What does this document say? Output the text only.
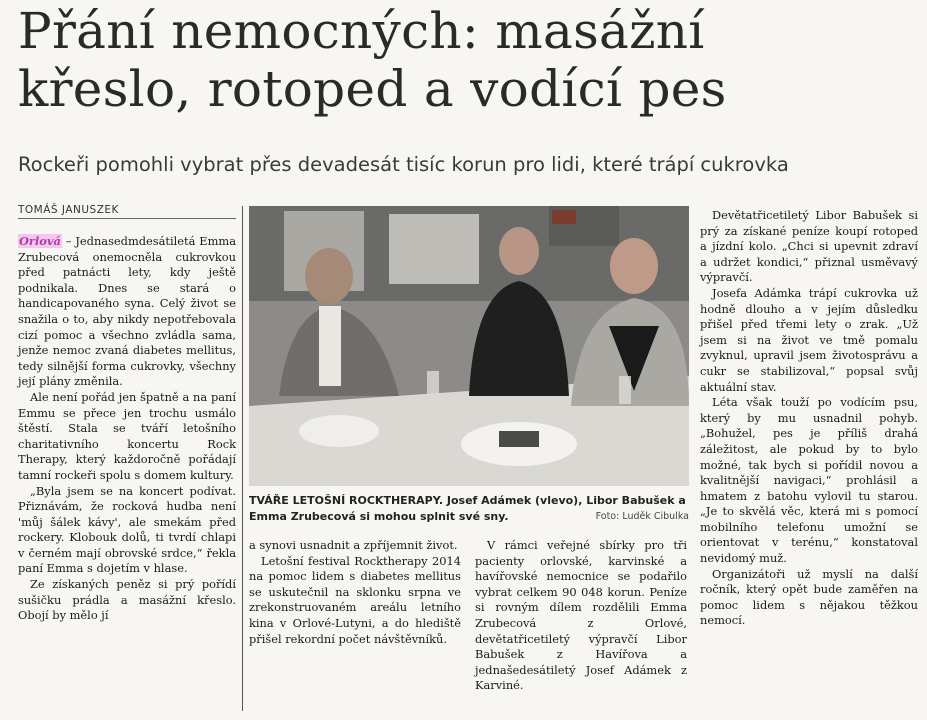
Přání nemocných: masážní
křeslo, rotoped a vodící pes
Rockeři pomohli vybrat přes devadesát tisíc korun pro lidi, které trápí cukrovka
TOMÁŠ JANUSZEK

Orlová – Jednasedmdesátiletá Emma Zrubecová onemocněla cukrovkou před patnácti lety, kdy ještě podnikala. Dnes se stará o handicapovaného syna. Celý život se snažila o to, aby nikdy nepotřebovala cizí pomoc a všechno zvládla sama, jenže nemoc zvaná diabetes mellitus, tedy silnější forma cukrovky, všechny její plány změnila.

Ale není pořád jen špatně a na paní Emmu se přece jen trochu usmálo štěstí. Stala se tváří letošního charitativního koncertu Rock Therapy, který každoročně pořádají tamní rockeři spolu s domem kultury.

„Byla jsem se na koncert podívat. Přiznávám, že rocková hudba není 'můj šálek kávy', ale smekám před rockery. Klobouk dolů, ti tvrdí chlapi v černém mají obrovské srdce,“ řekla paní Emma s dojetím v hlase.

Ze získaných peněz si prý pořídí sušičku prádla a masážní křeslo. Obojí by mělo jí

TVÁŘE LETOŠNÍ ROCKTHERAPY. Josef Adámek (vlevo), Libor Babušek a Emma Zrubecová si mohou splnit své sny.	Foto: Luděk Cibulka

a synovi usnadnit a zpříjemnit život.

Letošní festival Rocktherapy 2014 na pomoc lidem s diabetes mellitus se uskutečnil na sklonku srpna ve zrekonstruovaném areálu letního kina v Orlové-Lutyni, a do hlediště přišel rekordní počet návštěvníků.

V rámci veřejné sbírky pro tři pacienty orlovské, karvinské a havířovské nemocnice se podařilo vybrat celkem 90 048 korun. Peníze si rovným dílem rozdělili Emma Zrubecová z Orlové, devětatřicetiletý výpravčí Libor Babušek z Havířova a jednašedesátiletý Josef Adámek z Karviné.

Devětatřicetiletý Libor Babušek si prý za získané peníze koupí rotoped a jízdní kolo. „Chci si upevnit zdraví a udržet kondici,“ přiznal usměvavý výpravčí.

Josefa Adámka trápí cukrovka už hodně dlouho a v jejím důsledku přišel před třemi lety o zrak. „Už jsem si na život ve tmě pomalu zvyknul, upravil jsem životosprávu a cukr se stabilizoval,“ popsal svůj aktuální stav.

Léta však touží po vodícím psu, který by mu usnadnil pohyb. „Bohužel, pes je příliš drahá záležitost, ale pokud by to bylo možné, tak bych si pořídil novou a kvalitnější navigaci,“ prohlásil a hmatem z batohu vylovil tu starou. „Je to skvělá věc, která mi s pomocí mobilního telefonu umožní se orientovat v terénu,“ konstatoval nevidomý muž.

Organizátoři už myslí na další ročník, který opět bude zaměřen na pomoc lidem s nějakou těžkou nemocí.
